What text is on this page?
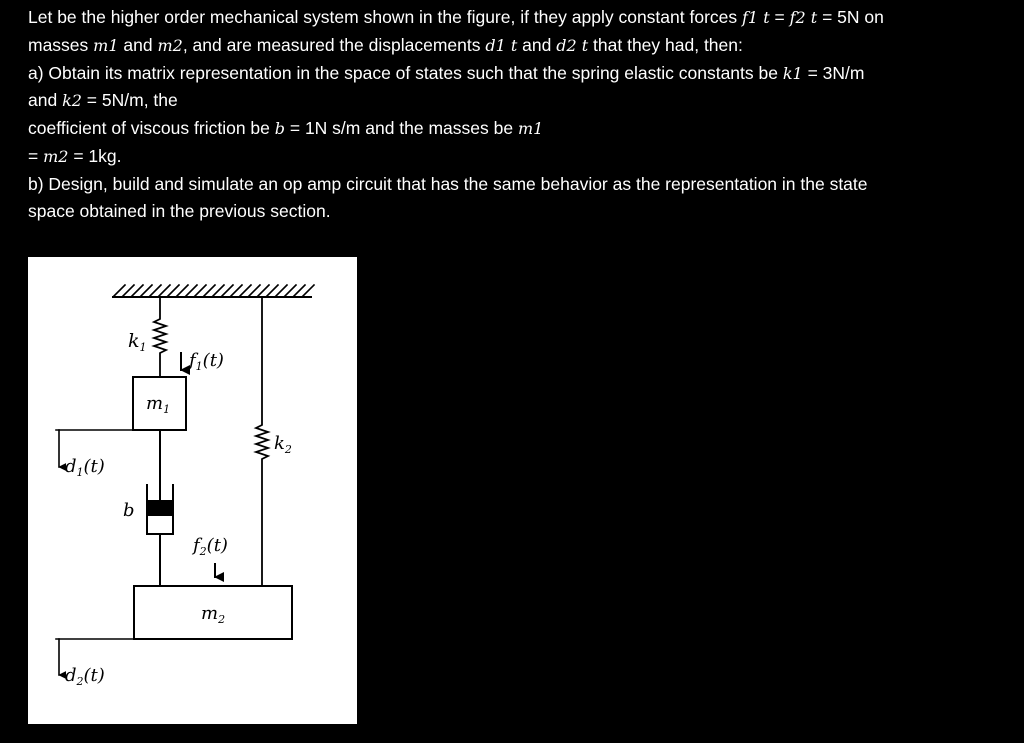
Let be the higher order mechanical system shown in the figure, if they apply constant forces f1 t = f2 t = 5N on

masses m1 and m2, and are measured the displacements d1 t and d2 t that they had, then:

a) Obtain its matrix representation in the space of states such that the spring elastic constants be k1 = 3N/m

and k2 = 5N/m, the

coefficient of viscous friction be b = 1N s/m and the masses be m1

= m2 = 1kg.

b) Design, build and simulate an op amp circuit that has the same behavior as the representation in the state

space obtained in the previous section.

$k_1$
$f_1(t)$
$m_1$
$k_2$
$d_1(t)$
b
$f_2(t)$
$m_2$
$d_2(t)$
